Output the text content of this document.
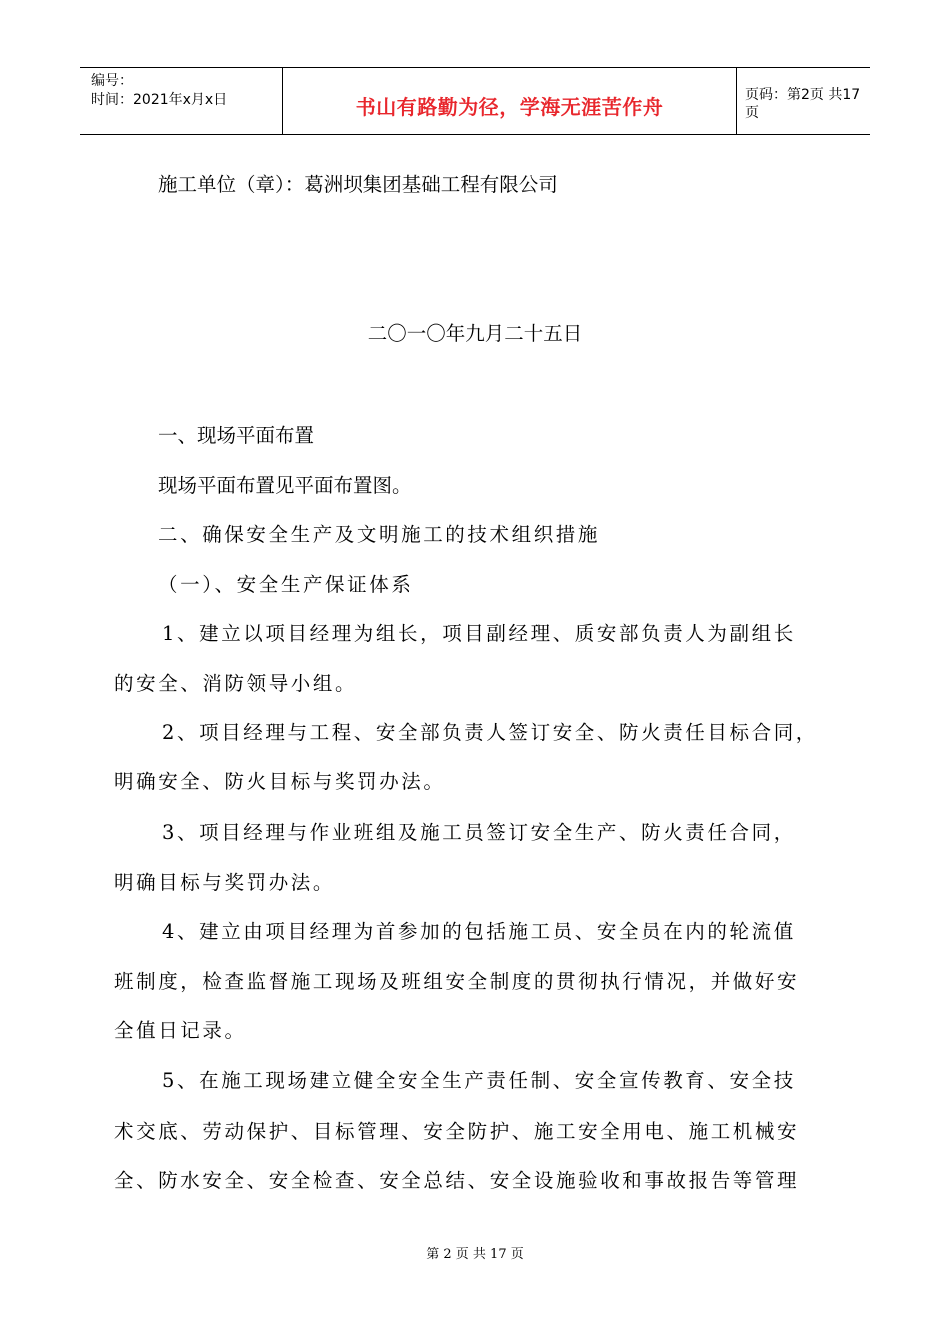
编号：
时间：2021年x月x日	书山有路勤为径，学海无涯苦作舟	页码：第2页 共17页
施工单位（章）：葛洲坝集团基础工程有限公司
二〇一〇年九月二十五日
一、现场平面布置
现场平面布置见平面布置图。
二、确保安全生产及文明施工的技术组织措施
（一）、安全生产保证体系
1、建立以项目经理为组长，项目副经理、质安部负责人为副组长
的安全、消防领导小组。
2、项目经理与工程、安全部负责人签订安全、防火责任目标合同，
明确安全、防火目标与奖罚办法。
3、项目经理与作业班组及施工员签订安全生产、防火责任合同，
明确目标与奖罚办法。
4、建立由项目经理为首参加的包括施工员、安全员在内的轮流值
班制度，检查监督施工现场及班组安全制度的贯彻执行情况，并做好安
全值日记录。
5、在施工现场建立健全安全生产责任制、安全宣传教育、安全技
术交底、劳动保护、目标管理、安全防护、施工安全用电、施工机械安
全、防水安全、安全检查、安全总结、安全设施验收和事故报告等管理
第 2 页 共 17 页
